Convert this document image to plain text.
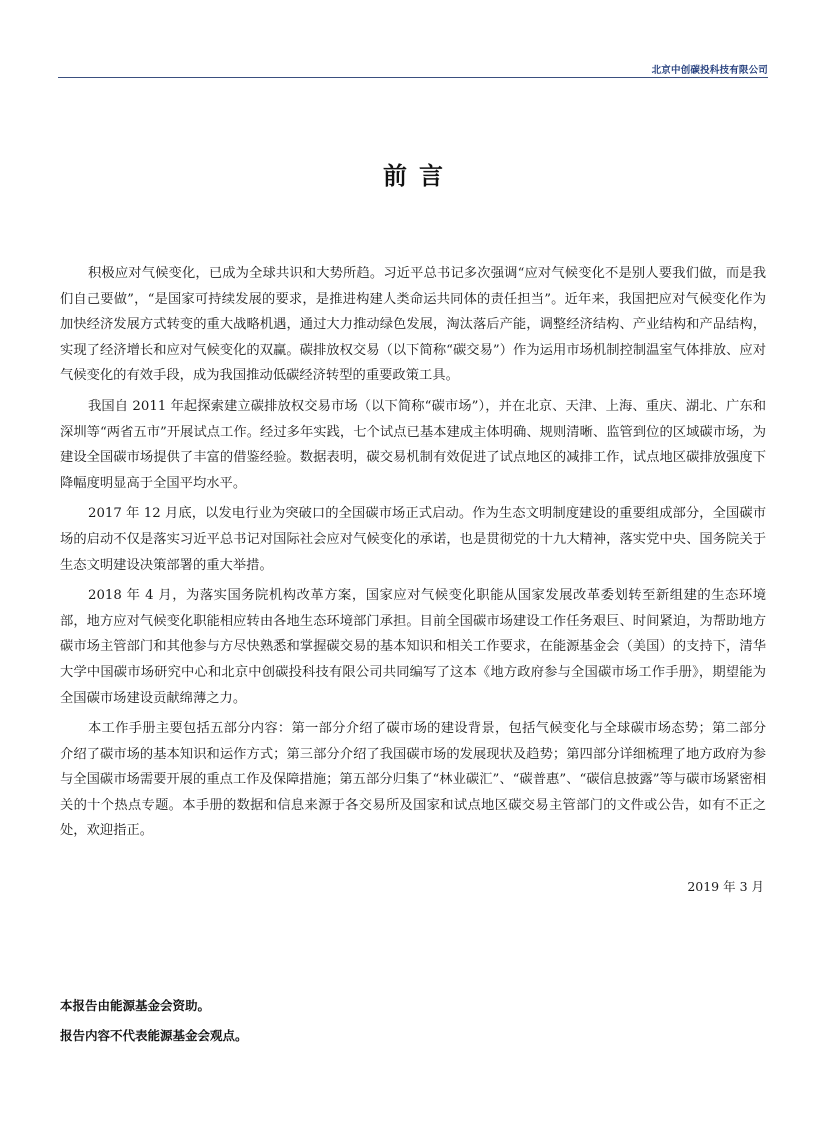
北京中创碳投科技有限公司
前言

积极应对气候变化，已成为全球共识和大势所趋。习近平总书记多次强调“应对气候变化不是别人要我们做，而是我们自己要做”，“是国家可持续发展的要求，是推进构建人类命运共同体的责任担当”。近年来，我国把应对气候变化作为加快经济发展方式转变的重大战略机遇，通过大力推动绿色发展，淘汰落后产能，调整经济结构、产业结构和产品结构，实现了经济增长和应对气候变化的双赢。碳排放权交易（以下简称“碳交易”）作为运用市场机制控制温室气体排放、应对气候变化的有效手段，成为我国推动低碳经济转型的重要政策工具。

我国自 2011 年起探索建立碳排放权交易市场（以下简称“碳市场”），并在北京、天津、上海、重庆、湖北、广东和深圳等“两省五市”开展试点工作。经过多年实践，七个试点已基本建成主体明确、规则清晰、监管到位的区域碳市场，为建设全国碳市场提供了丰富的借鉴经验。数据表明，碳交易机制有效促进了试点地区的减排工作，试点地区碳排放强度下降幅度明显高于全国平均水平。

2017 年 12 月底，以发电行业为突破口的全国碳市场正式启动。作为生态文明制度建设的重要组成部分，全国碳市场的启动不仅是落实习近平总书记对国际社会应对气候变化的承诺，也是贯彻党的十九大精神，落实党中央、国务院关于生态文明建设决策部署的重大举措。

2018 年 4 月，为落实国务院机构改革方案，国家应对气候变化职能从国家发展改革委划转至新组建的生态环境部，地方应对气候变化职能相应转由各地生态环境部门承担。目前全国碳市场建设工作任务艰巨、时间紧迫，为帮助地方碳市场主管部门和其他参与方尽快熟悉和掌握碳交易的基本知识和相关工作要求，在能源基金会（美国）的支持下，清华大学中国碳市场研究中心和北京中创碳投科技有限公司共同编写了这本《地方政府参与全国碳市场工作手册》，期望能为全国碳市场建设贡献绵薄之力。

本工作手册主要包括五部分内容：第一部分介绍了碳市场的建设背景，包括气候变化与全球碳市场态势；第二部分介绍了碳市场的基本知识和运作方式；第三部分介绍了我国碳市场的发展现状及趋势；第四部分详细梳理了地方政府为参与全国碳市场需要开展的重点工作及保障措施；第五部分归集了“林业碳汇”、“碳普惠”、“碳信息披露”等与碳市场紧密相关的十个热点专题。本手册的数据和信息来源于各交易所及国家和试点地区碳交易主管部门的文件或公告，如有不正之处，欢迎指正。

2019 年 3 月
本报告由能源基金会资助。
报告内容不代表能源基金会观点。
